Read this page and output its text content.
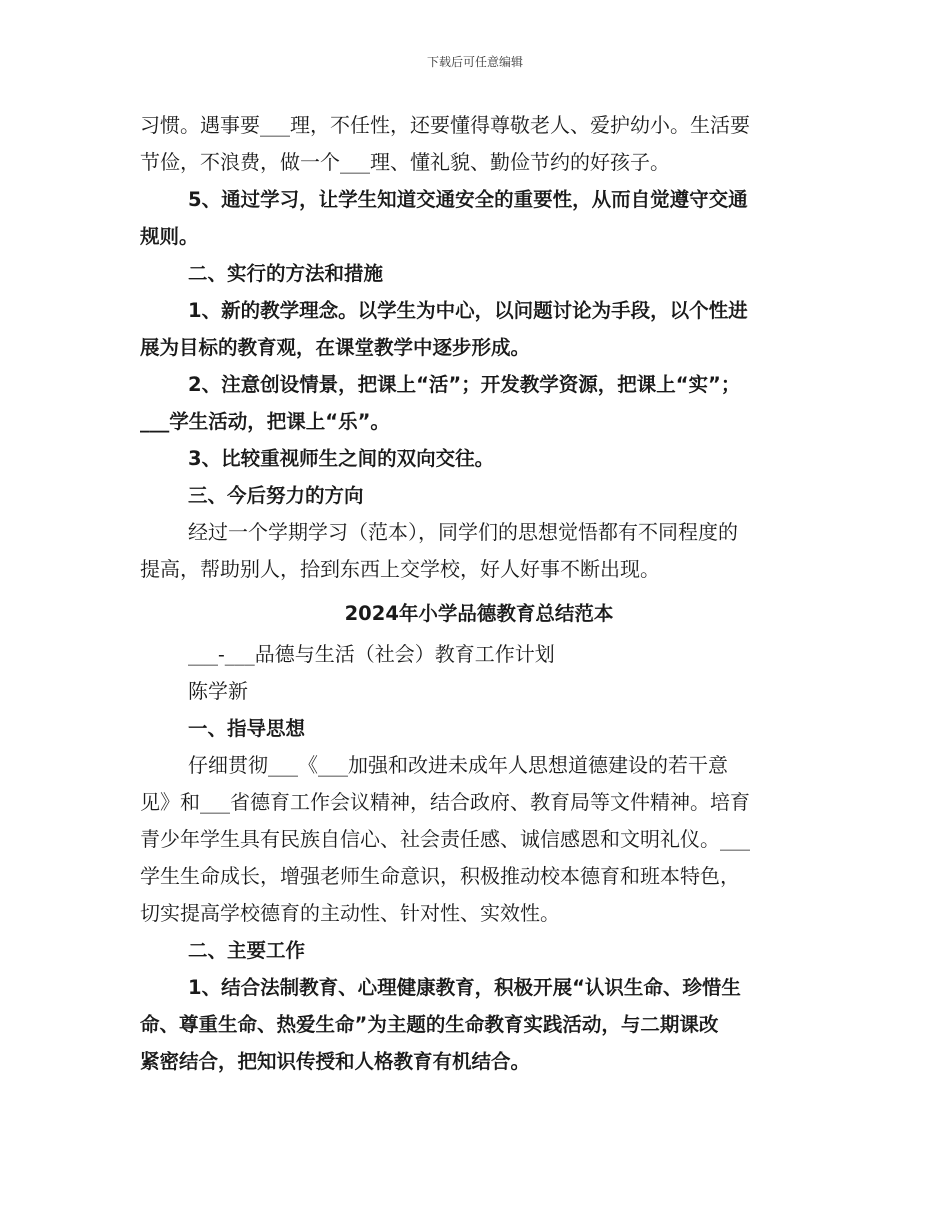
下载后可任意编辑

习惯。遇事要___理，不任性，还要懂得尊敬老人、爱护幼小。生活要

节俭，不浪费，做一个___理、懂礼貌、勤俭节约的好孩子。

5、通过学习，让学生知道交通安全的重要性，从而自觉遵守交通

规则。

二、实行的方法和措施

1、新的教学理念。以学生为中心，以问题讨论为手段，以个性进

展为目标的教育观，在课堂教学中逐步形成。

2、注意创设情景，把课上“活”；开发教学资源，把课上“实”；

___学生活动，把课上“乐”。

3、比较重视师生之间的双向交往。

三、今后努力的方向

经过一个学期学习（范本），同学们的思想觉悟都有不同程度的

提高，帮助别人，拾到东西上交学校，好人好事不断出现。

2024年小学品德教育总结范本

___-___品德与生活（社会）教育工作计划

陈学新

一、指导思想

仔细贯彻___《___加强和改进未成年人思想道德建设的若干意

见》和___省德育工作会议精神，结合政府、教育局等文件精神。培育

青少年学生具有民族自信心、社会责任感、诚信感恩和文明礼仪。___

学生生命成长，增强老师生命意识，积极推动校本德育和班本特色，

切实提高学校德育的主动性、针对性、实效性。

二、主要工作

1、结合法制教育、心理健康教育，积极开展“认识生命、珍惜生

命、尊重生命、热爱生命”为主题的生命教育实践活动，与二期课改

紧密结合，把知识传授和人格教育有机结合。
